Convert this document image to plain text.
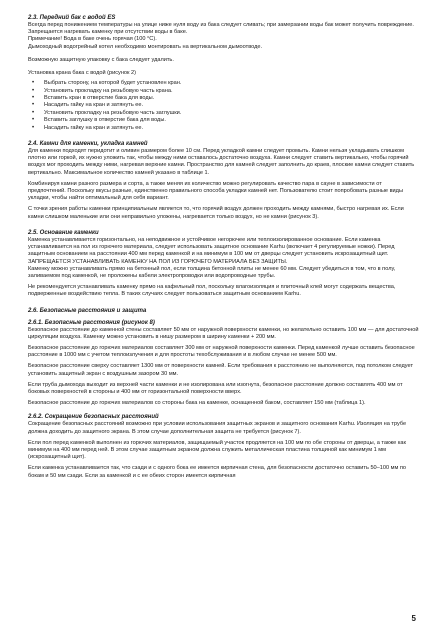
2.3. Передний бак с водой ES

Всегда перед понижением температуры на улице ниже нуля воду из бака следует сливать; при замерзании воды бак может получить повреждение.

Запрещается нагревать каменку при отсутствии воды в баке.

Примечание! Вода в баке очень горячая (100 °C).

Дымоходный водогрейный котел необходимо монтировать на вертикальном дымоотводе.

Возможную защитную упаковку с бака следует удалить.

Установка крана бака с водой (рисунок 2)

• Выбрать сторону, на которой будет установлен кран.
• Установить прокладку на резьбовую часть крана.
• Вставить кран в отверстие бака для воды.
• Насадить гайку на кран и затянуть ее.
• Установить прокладку на резьбовую часть заглушки.
• Вставить заглушку в отверстие бака для воды.
• Насадить гайку на кран и затянуть ее.

2.4. Камни для каменки, укладка камней

Для каменки подходят перидотит и оливин размером более 10 см. Перед укладкой камни следует промыть. Камни нельзя укладывать слишком плотно или горкой, их нужно уложить так, чтобы между ними оставалось достаточно воздуха. Камни следует ставить вертикально, чтобы горячий воздух мог проходить между ними, нагревая верхние камни. Пространство для камней следует заполнить до краев, плоские камни следует ставить вертикально. Максимальное количество камней указано в таблице 1.

Комбинируя камни разного размера и сорта, а также меняя их количество можно регулировать качество пара в сауне в зависимости от предпочтений. Поскольку вкусы разные, единственно правильного способа укладки камней нет. Пользователю стоит попробовать разные виды укладки, чтобы найти оптимальный для себя вариант.

С точки зрения работы каменки принципиальным является то, что горячий воздух должен проходить между камнями, быстро нагревая их. Если камни слишком маленькие или они неправильно уложены, нагревается только воздух, но не камни (рисунок 3).

2.5. Основание каменки

Каменка устанавливается горизонтально, на неподвижное и устойчивое негорючее или теплоизолированное основание. Если каменка устанавливается на пол из горючего материала, следует использовать защитное основание Karhu (включает 4 регулируемые ножки). Перед защитным основанием на расстоянии 400 мм перед каменкой и на минимум в 100 мм от дверцы следует установить искрозащитный щит. ЗАПРЕЩАЕТСЯ УСТАНАВЛИВАТЬ КАМЕНКУ НА ПОЛ ИЗ ГОРЮЧЕГО МАТЕРИАЛА БЕЗ ЗАЩИТЫ.

Каменку можно устанавливать прямо на бетонный пол, если толщина бетонной плиты не менее 60 мм. Следует убедиться в том, что в полу, заливаемом под каменкой, не проложены кабели электропроводки или водопроводные трубы.

Не рекомендуется устанавливать каменку прямо на кафельный пол, поскольку влагоизоляция и плиточный клей могут содержать вещества, подверженные воздействию тепла. В таких случаях следует пользоваться защитным основанием Karhu.

2.6. Безопасные расстояния и защита

2.6.1. Безопасные расстояния (рисунок 8)

Безопасное расстояние до каменной стены составляет 50 мм от наружной поверхности каменки, но желательно оставить 100 мм — для достаточной циркуляции воздуха. Каменку можно установить в нишу размером в ширину каменки + 200 мм.

Безопасное расстояние до горючих материалов составляет 300 мм от наружной поверхности каменки. Перед каменкой лучше оставить безопасное расстояние в 1000 мм с учетом теплоизлучения и для простоты техобслуживания и в любом случае не менее 500 мм.

Безопасное расстояние сверху составляет 1300 мм от поверхности камней. Если требования к расстоянию не выполняются, под потолком следует установить защитный экран с воздушным зазором 30 мм.

Если труба дымохода выходит из верхней части каменки и не изолирована или изогнута, безопасное расстояние должно составлять 400 мм от боковых поверхностей в стороны и 400 мм от горизонтальной поверхности вверх.

Безопасное расстояние до горючих материалов со стороны бака на каменке, оснащенной баком, составляет 150 мм (таблица 1).

2.6.2. Сокращение безопасных расстояний

Сокращение безопасных расстояний возможно при условии использования защитных экранов и защитного основания Karhu. Изоляция на трубе должна доходить до защитного экрана. В этом случае дополнительная защита не требуется (рисунок 7).

Если пол перед каменкой выполнен из горючих материалов, защищаемый участок продляется на 100 мм по обе стороны от дверцы, а также как минимум на 400 мм перед ней. В этом случае защитным экраном должна служить металлическая пластина толщиной как минимум 1 мм (искрозащитный щит).

Если каменка устанавливается так, что сзади и с одного бока ее имеется кирпичная стена, для безопасности достаточно оставить 50–100 мм по бокам и 50 мм сзади. Если за каменкой и с ее обеих сторон имеется кирпичная

5
